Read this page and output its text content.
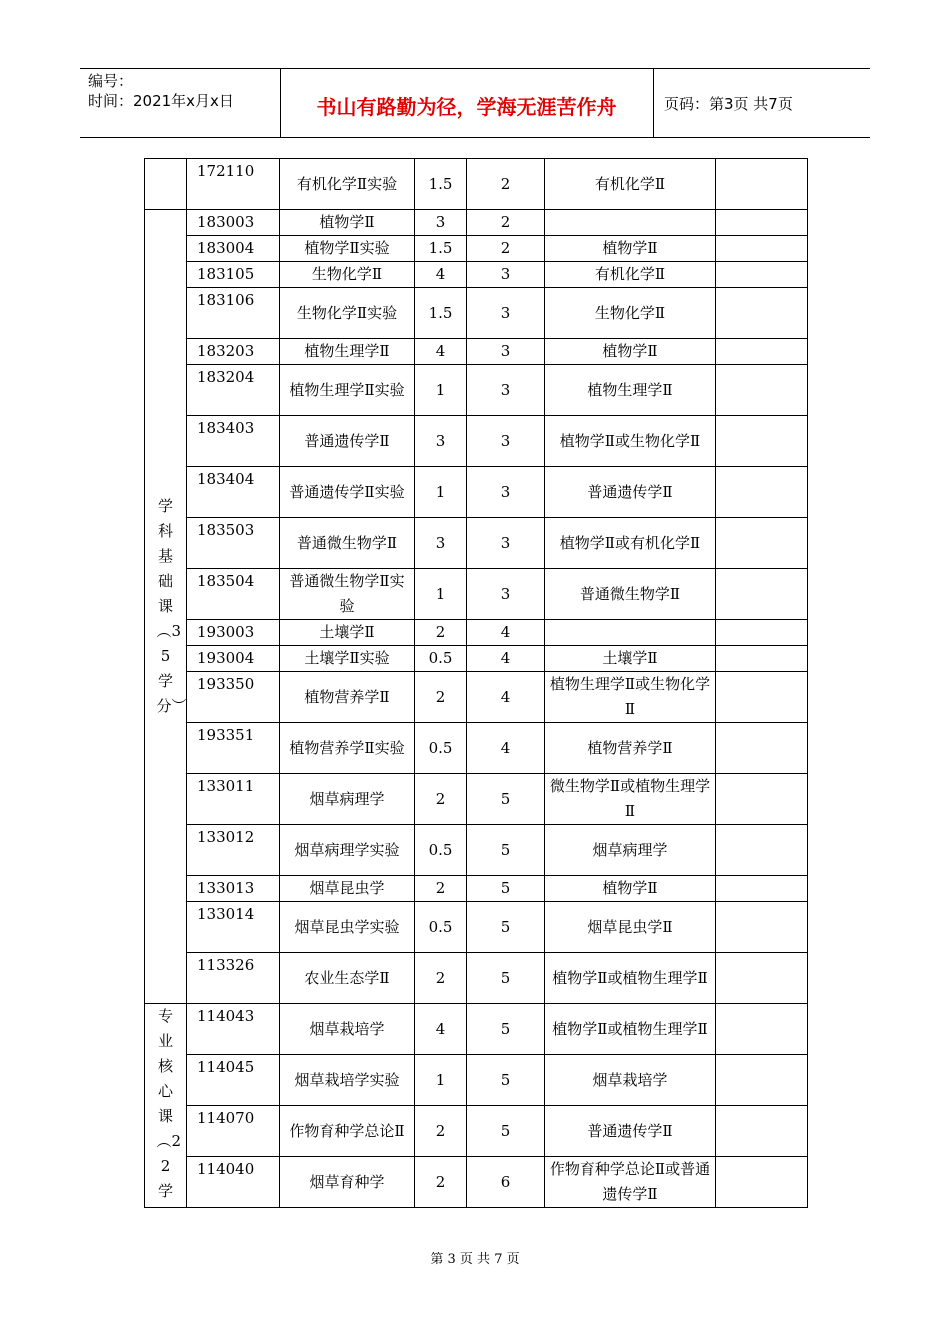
编号：
时间：2021年x月x日	书山有路勤为径，学海无涯苦作舟	页码：第3页 共7页
	172110	有机化学Ⅱ实验	1.5	2	有机化学Ⅱ	
学科基础课︵35学分︶	183003	植物学Ⅱ	3	2		
	183004	植物学Ⅱ实验	1.5	2	植物学Ⅱ	
	183105	生物化学Ⅱ	4	3	有机化学Ⅱ	
	183106	生物化学Ⅱ实验	1.5	3	生物化学Ⅱ	
	183203	植物生理学Ⅱ	4	3	植物学Ⅱ	
	183204	植物生理学Ⅱ实验	1	3	植物生理学Ⅱ	
	183403	普通遗传学Ⅱ	3	3	植物学Ⅱ或生物化学Ⅱ	
	183404	普通遗传学Ⅱ实验	1	3	普通遗传学Ⅱ	
	183503	普通微生物学Ⅱ	3	3	植物学Ⅱ或有机化学Ⅱ	
	183504	普通微生物学Ⅱ实验	1	3	普通微生物学Ⅱ	
	193003	土壤学Ⅱ	2	4		
	193004	土壤学Ⅱ实验	0.5	4	土壤学Ⅱ	
	193350	植物营养学Ⅱ	2	4	植物生理学Ⅱ或生物化学Ⅱ	
	193351	植物营养学Ⅱ实验	0.5	4	植物营养学Ⅱ	
	133011	烟草病理学	2	5	微生物学Ⅱ或植物生理学Ⅱ	
	133012	烟草病理学实验	0.5	5	烟草病理学	
	133013	烟草昆虫学	2	5	植物学Ⅱ	
	133014	烟草昆虫学实验	0.5	5	烟草昆虫学Ⅱ	
	113326	农业生态学Ⅱ	2	5	植物学Ⅱ或植物生理学Ⅱ	
专业核心课︵22学	114043	烟草栽培学	4	5	植物学Ⅱ或植物生理学Ⅱ	
	114045	烟草栽培学实验	1	5	烟草栽培学	
	114070	作物育种学总论Ⅱ	2	5	普通遗传学Ⅱ	
	114040	烟草育种学	2	6	作物育种学总论Ⅱ或普通遗传学Ⅱ	
第 3 页 共 7 页
